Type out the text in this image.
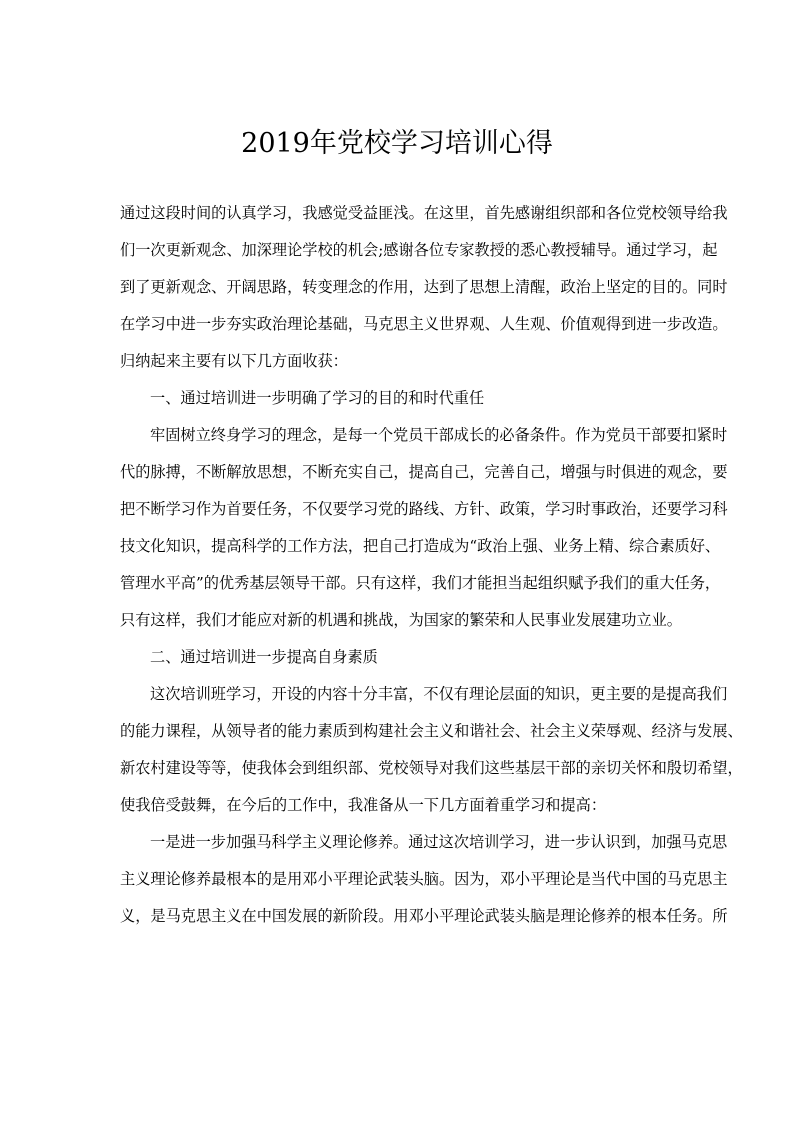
2019年党校学习培训心得
通过这段时间的认真学习，我感觉受益匪浅。在这里，首先感谢组织部和各位党校领导给我
们一次更新观念、加深理论学校的机会;感谢各位专家教授的悉心教授辅导。通过学习，起
到了更新观念、开阔思路，转变理念的作用，达到了思想上清醒，政治上坚定的目的。同时
在学习中进一步夯实政治理论基础，马克思主义世界观、人生观、价值观得到进一步改造。
归纳起来主要有以下几方面收获：
一、通过培训进一步明确了学习的目的和时代重任
牢固树立终身学习的理念，是每一个党员干部成长的必备条件。作为党员干部要扣紧时
代的脉搏，不断解放思想，不断充实自己，提高自己，完善自己，增强与时俱进的观念，要
把不断学习作为首要任务，不仅要学习党的路线、方针、政策，学习时事政治，还要学习科
技文化知识，提高科学的工作方法，把自己打造成为“政治上强、业务上精、综合素质好、
管理水平高”的优秀基层领导干部。只有这样，我们才能担当起组织赋予我们的重大任务，
只有这样，我们才能应对新的机遇和挑战，为国家的繁荣和人民事业发展建功立业。
二、通过培训进一步提高自身素质
这次培训班学习，开设的内容十分丰富，不仅有理论层面的知识，更主要的是提高我们
的能力课程，从领导者的能力素质到构建社会主义和谐社会、社会主义荣辱观、经济与发展、
新农村建设等等，使我体会到组织部、党校领导对我们这些基层干部的亲切关怀和殷切希望，
使我倍受鼓舞，在今后的工作中，我准备从一下几方面着重学习和提高：
一是进一步加强马科学主义理论修养。通过这次培训学习，进一步认识到，加强马克思
主义理论修养最根本的是用邓小平理论武装头脑。因为，邓小平理论是当代中国的马克思主
义，是马克思主义在中国发展的新阶段。用邓小平理论武装头脑是理论修养的根本任务。所
